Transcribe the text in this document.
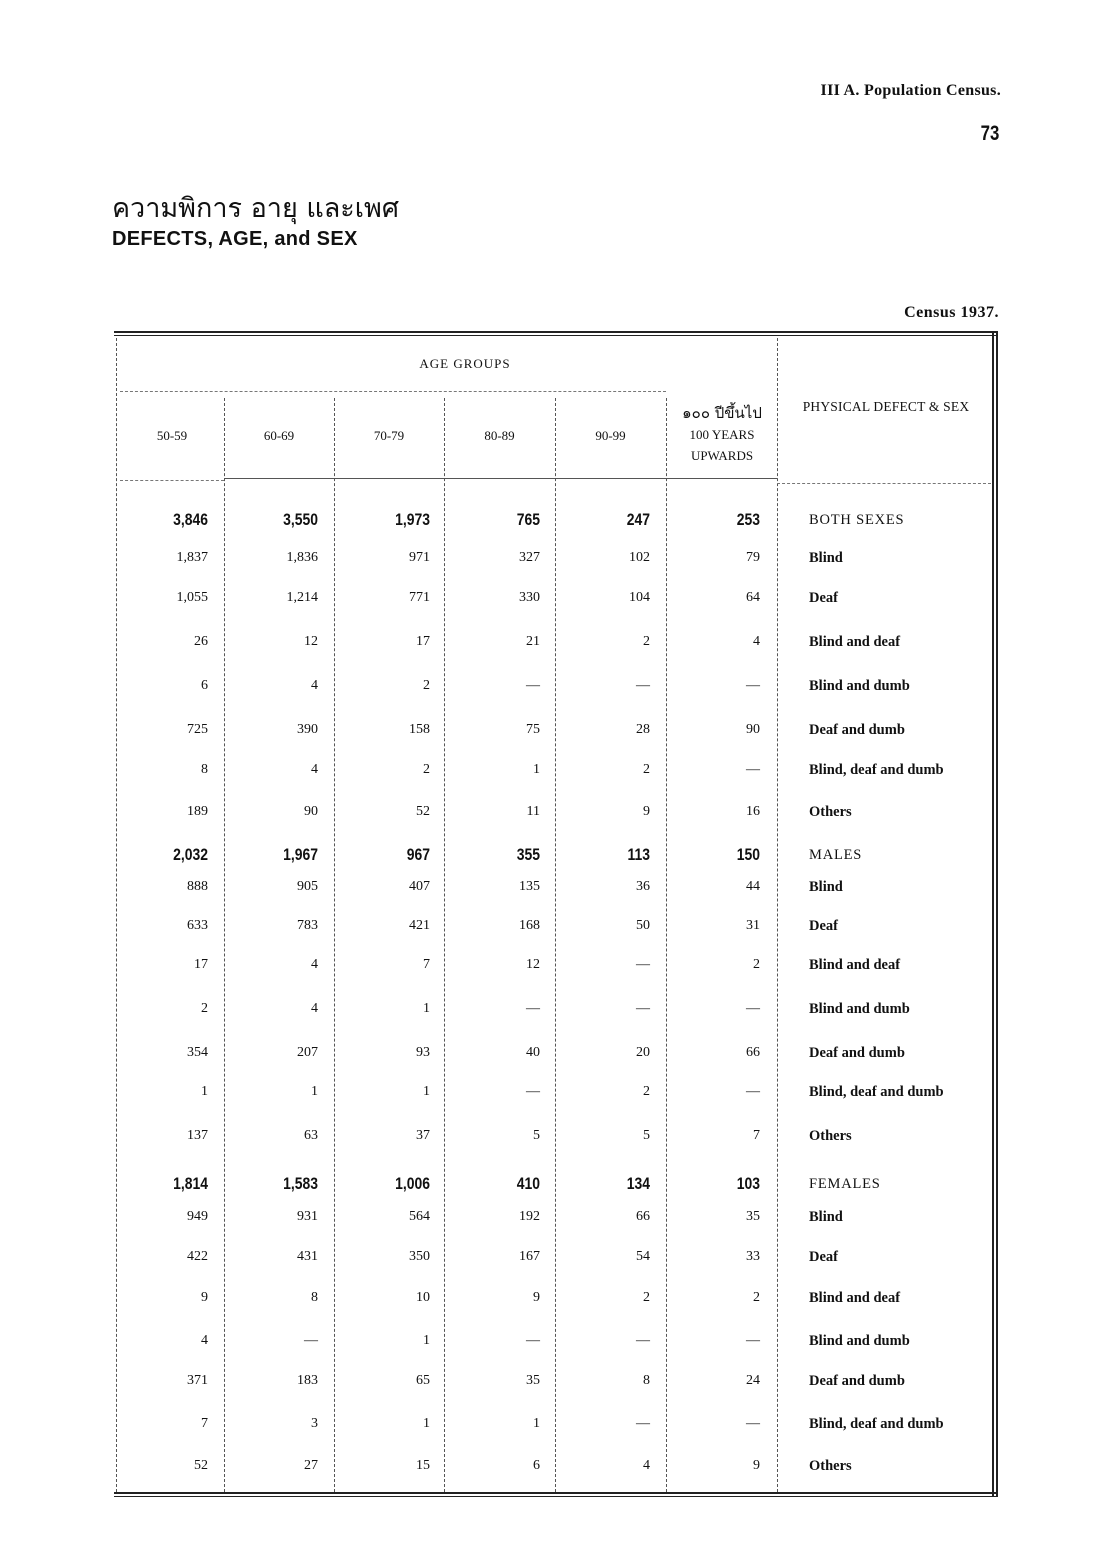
III A. Population Census.
73
ความพิการ อายุ และเพศ
DEFECTS, AGE, and SEX
Census 1937.
AGE GROUPS
50-59	60-69	70-79	80-89	90-99
๑๐๐ ปีขึ้นไป
100 YEARS
UPWARDS
PHYSICAL DEFECT & SEX
3,846	3,550	1,973	765	247	253	BOTH SEXES
1,837	1,836	971	327	102	79	Blind
1,055	1,214	771	330	104	64	Deaf
26	12	17	21	2	4	Blind and deaf
6	4	2	—	—	—	Blind and dumb
725	390	158	75	28	90	Deaf and dumb
8	4	2	1	2	—	Blind, deaf and dumb
189	90	52	11	9	16	Others
2,032	1,967	967	355	113	150	MALES
888	905	407	135	36	44	Blind
633	783	421	168	50	31	Deaf
17	4	7	12	—	2	Blind and deaf
2	4	1	—	—	—	Blind and dumb
354	207	93	40	20	66	Deaf and dumb
1	1	1	—	2	—	Blind, deaf and dumb
137	63	37	5	5	7	Others
1,814	1,583	1,006	410	134	103	FEMALES
949	931	564	192	66	35	Blind
422	431	350	167	54	33	Deaf
9	8	10	9	2	2	Blind and deaf
4	—	1	—	—	—	Blind and dumb
371	183	65	35	8	24	Deaf and dumb
7	3	1	1	—	—	Blind, deaf and dumb
52	27	15	6	4	9	Others
